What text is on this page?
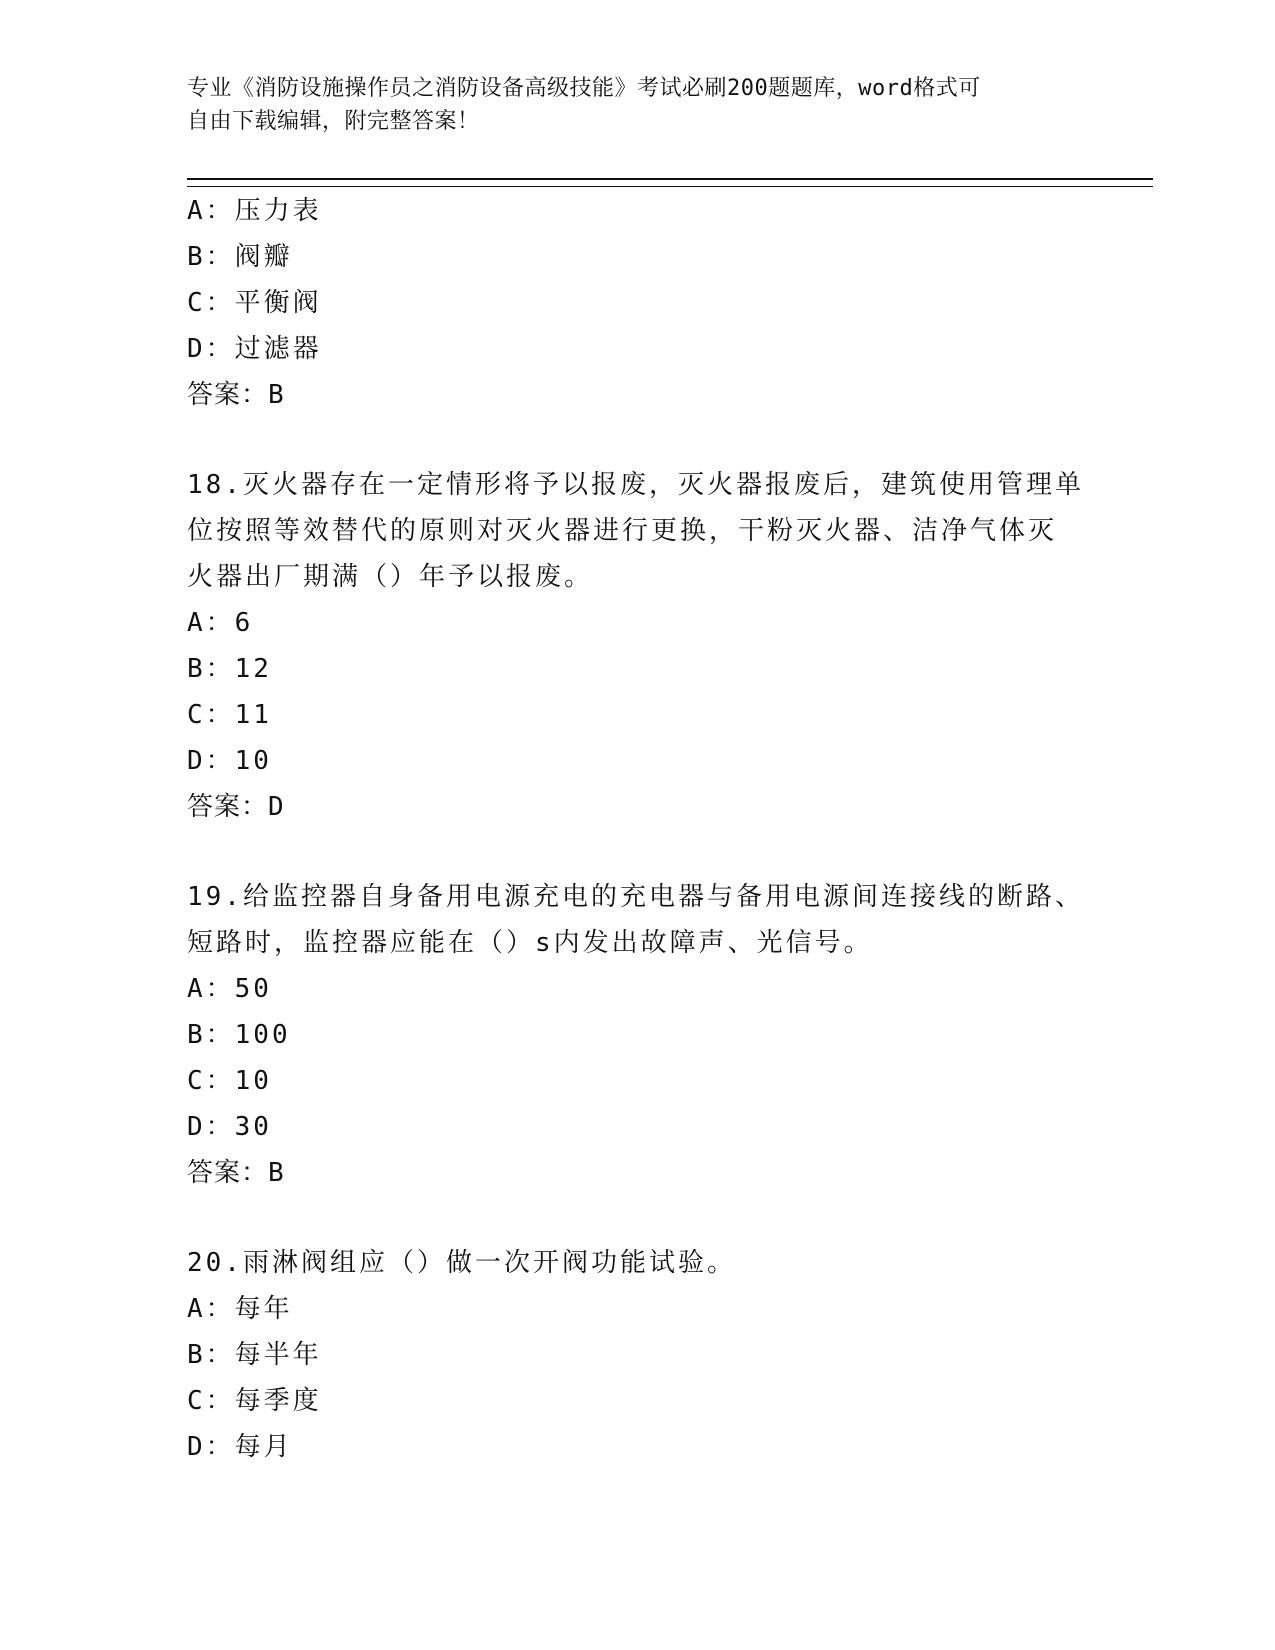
专业《消防设施操作员之消防设备高级技能》考试必刷200题题库，word格式可
自由下载编辑，附完整答案！
A：压力表
B：阀瓣
C：平衡阀
D：过滤器
答案：B
18.灭火器存在一定情形将予以报废，灭火器报废后，建筑使用管理单
位按照等效替代的原则对灭火器进行更换，干粉灭火器、洁净气体灭
火器出厂期满（）年予以报废。
A：6
B：12
C：11
D：10
答案：D
19.给监控器自身备用电源充电的充电器与备用电源间连接线的断路、
短路时，监控器应能在（）s内发出故障声、光信号。
A：50
B：100
C：10
D：30
答案：B
20.雨淋阀组应（）做一次开阀功能试验。
A：每年
B：每半年
C：每季度
D：每月
